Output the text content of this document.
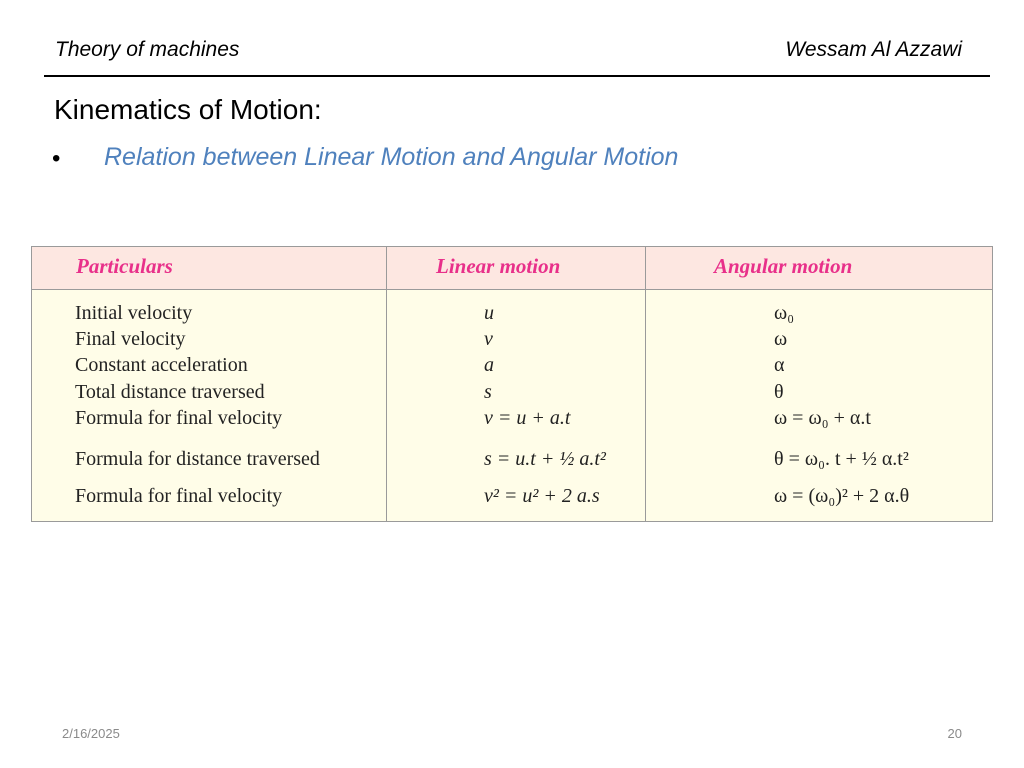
Theory of machines	Wessam Al Azzawi
Kinematics of Motion:
• Relation between Linear Motion and Angular Motion
Particulars	Linear motion	Angular motion
Initial velocity	u	ω₀
Final velocity	v	ω
Constant acceleration	a	α
Total distance traversed	s	θ
Formula for final velocity	v = u + a.t	ω = ω₀ + α.t
Formula for distance traversed	s = u.t + ½ a.t²	θ = ω₀. t + ½ α.t²
Formula for final velocity	v² = u² + 2 a.s	ω = (ω₀)² + 2 α.θ
2/16/2025	20
